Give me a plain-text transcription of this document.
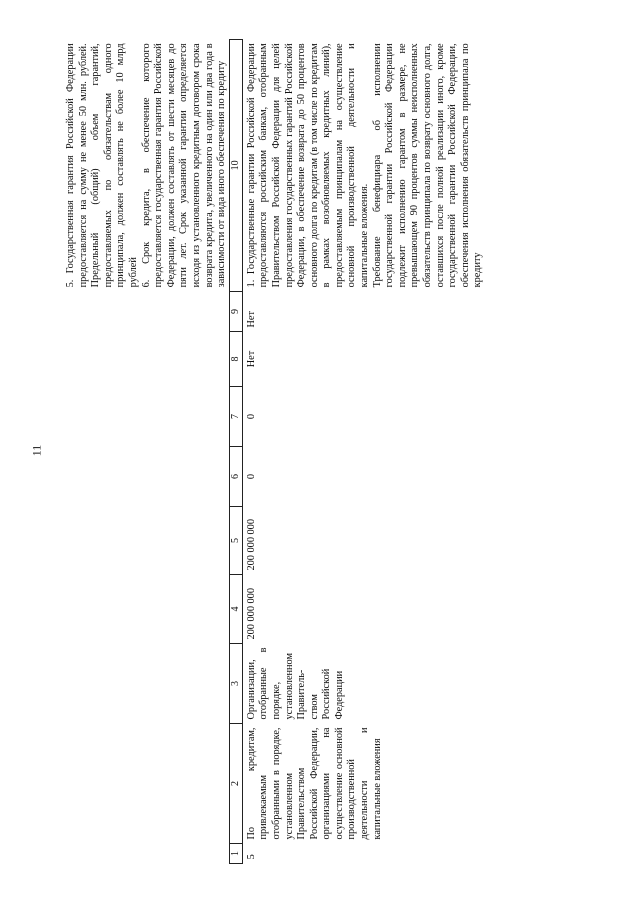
11

									5. Государственная гарантия Российской Федерации предоставляется на сумму не менее 50 млн. рублей. Предельный (общий) объем гарантий, предоставляемых по обязательствам одного принципала, должен составлять не более 10 млрд рублей 6. Срок кредита, в обеспечение которого предоставляется государственная гарантия Российской Федерации, должен составлять от шести месяцев до пяти лет. Срок указанной гарантии определяется исходя из установленного кредитным договором срока возврата кредита, увеличенного на один или два года в зависимости от вида иного обеспечения по кредиту

1	2	3	4	5	6	7	8	9	10
5	По кредитам, привлекаемым отобранными в порядке, установленном Правительством Российской Федерации, организациями на осуществление основной производственной деятельности и капитальные вложения	Организации, отобранные в порядке, установленном Правитель-ством Российской Федерации	200 000 000	200 000 000	0	0	Нет	Нет	1. Государственные гарантии Российской Федерации предоставляются российским банкам, отобранным Правительством Российской Федерации для целей предоставления государственных гарантий Российской Федерации, в обеспечение возврата до 50 процентов основного долга по кредитам (в том числе по кредитам в рамках возобновляемых кредитных линий), предоставляемым принципалам на осуществление основной производственной деятельности и капитальные вложения. Требование бенефициара об исполнении государственной гарантии Российской Федерации подлежит исполнению гарантом в размере, не превышающем 90 процентов суммы неисполненных обязательств принципала по возврату основного долга, оставшихся после полной реализации иного, кроме государственной гарантии Российской Федерации, обеспечения исполнения обязательств принципала по кредиту
